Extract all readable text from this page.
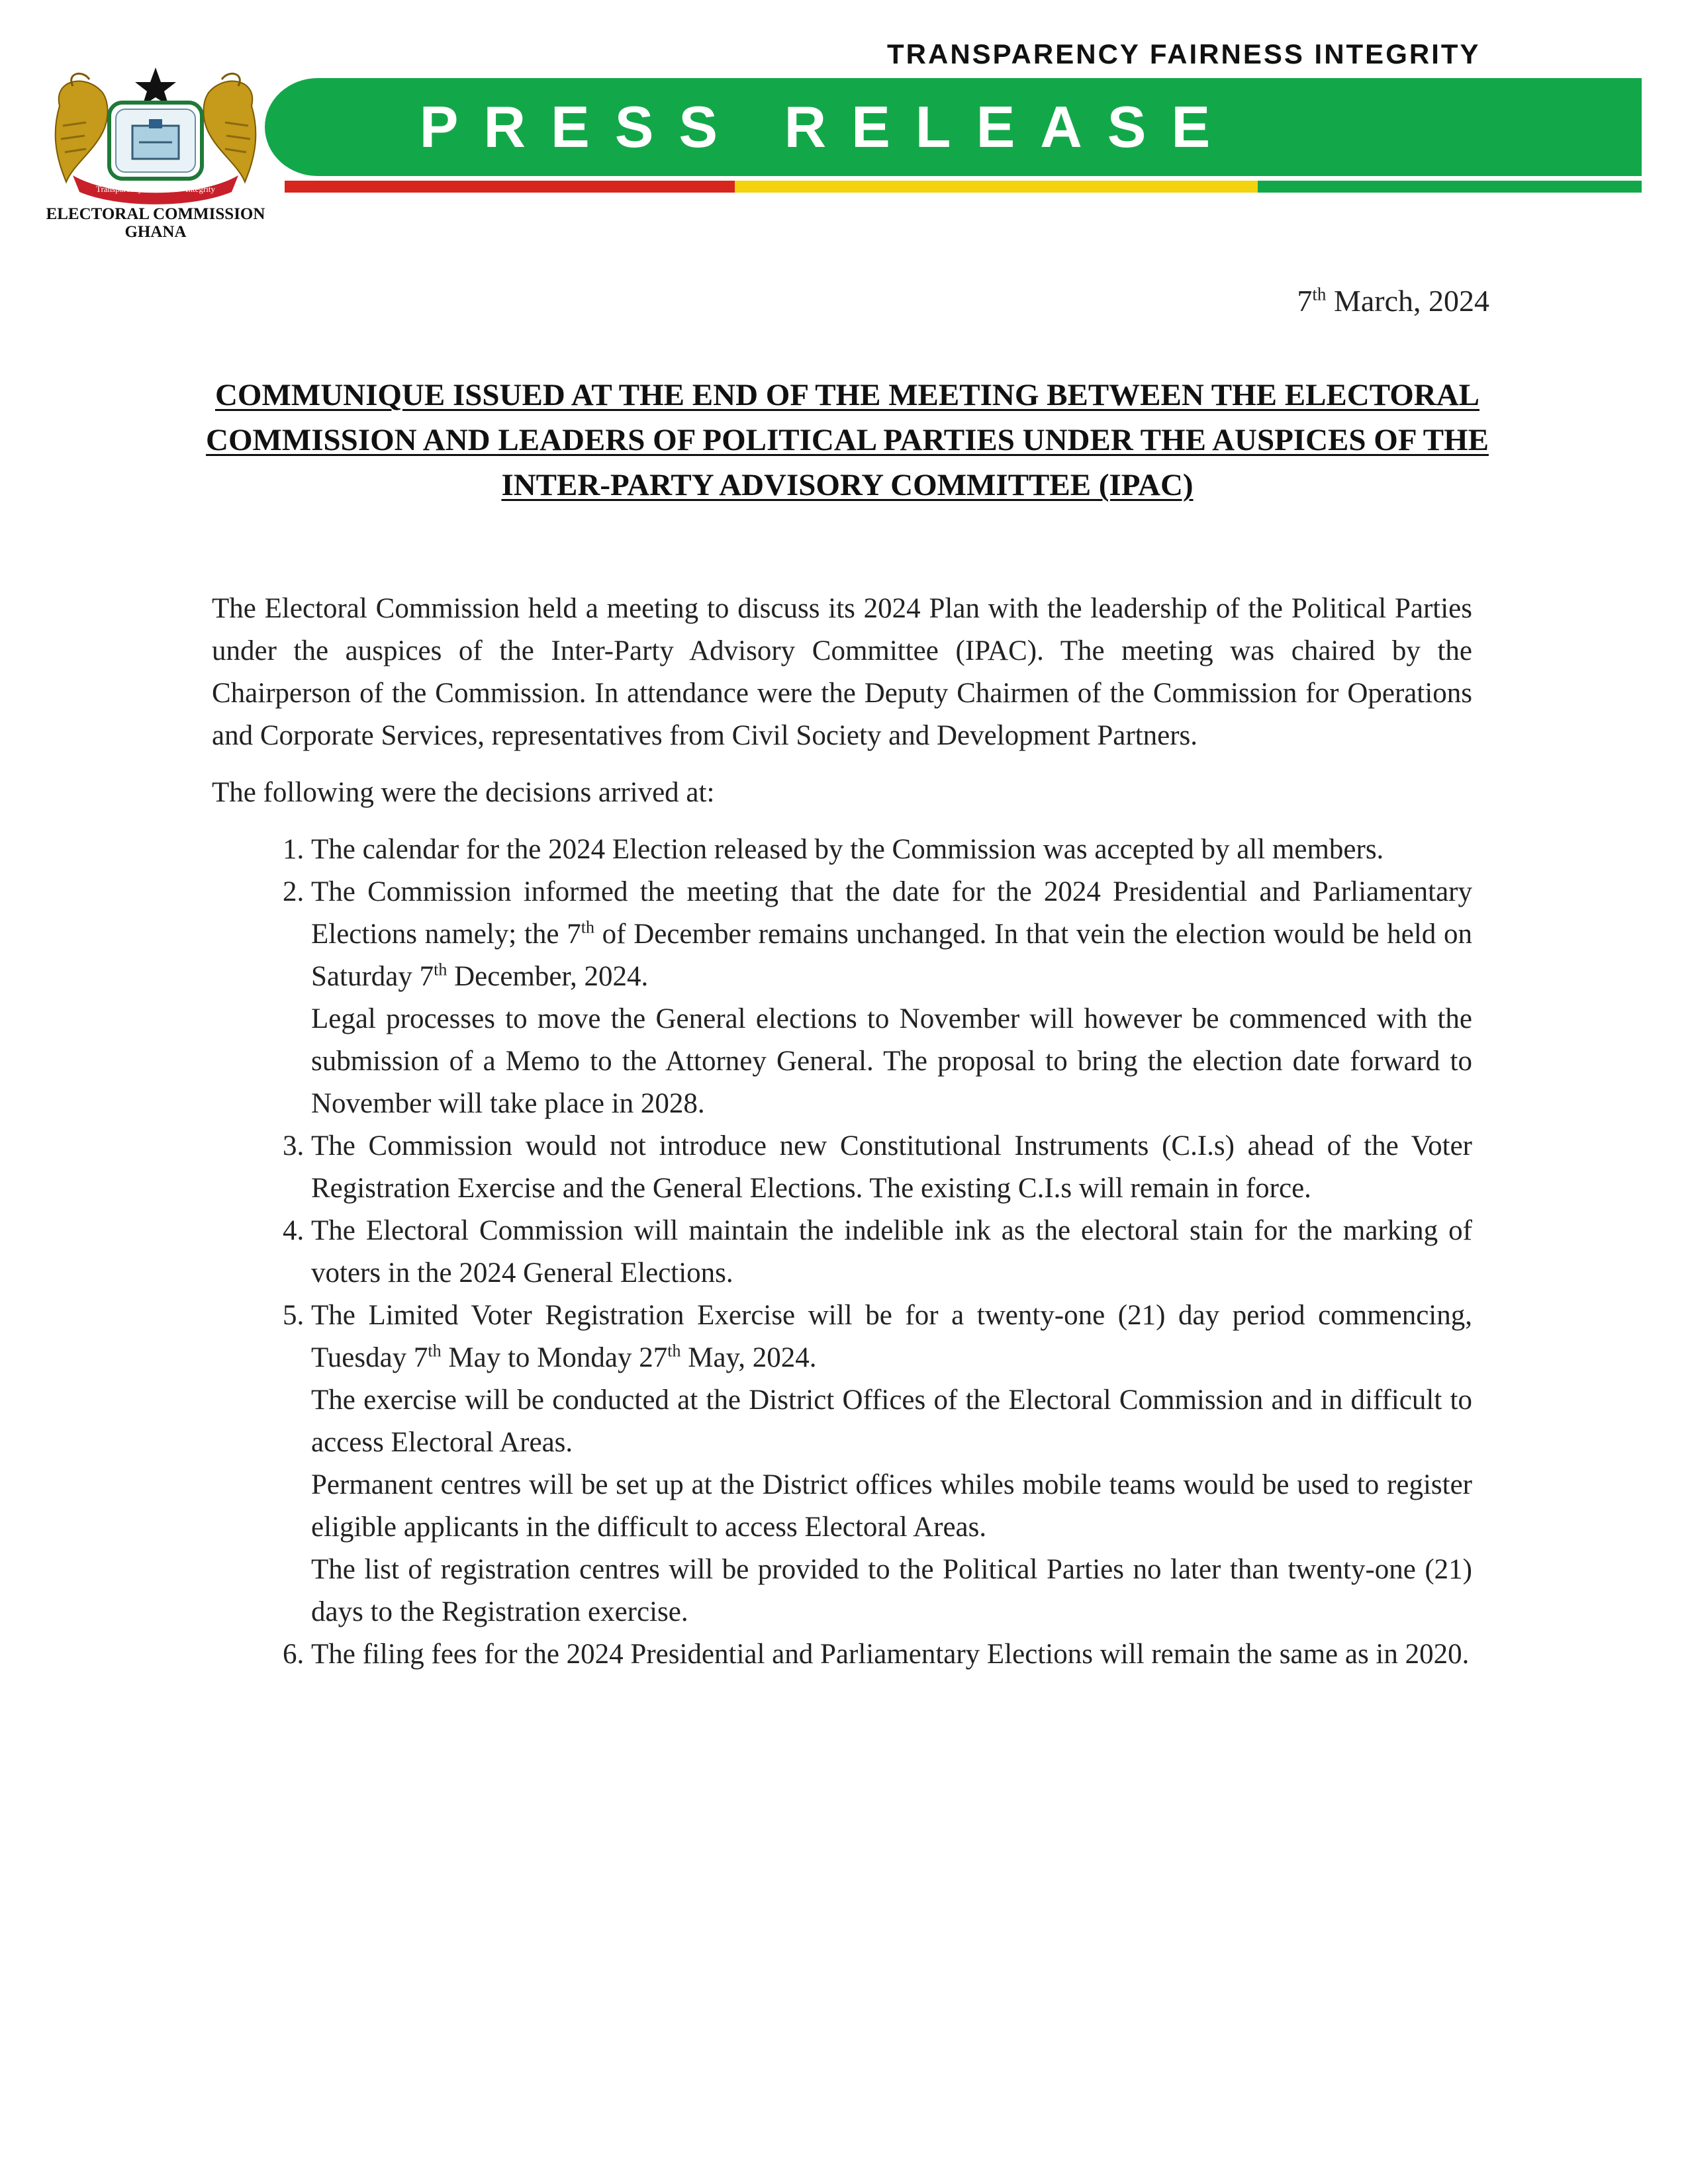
TRANSPARENCY FAIRNESS INTEGRITY
PRESS RELEASE
Transparency · Fairness · Integrity
ELECTORAL COMMISSION
GHANA
7th March, 2024
COMMUNIQUE ISSUED AT THE END OF THE MEETING BETWEEN THE ELECTORAL COMMISSION AND LEADERS OF POLITICAL PARTIES UNDER THE AUSPICES OF THE INTER-PARTY ADVISORY COMMITTEE (IPAC)

The Electoral Commission held a meeting to discuss its 2024 Plan with the leadership of the Political Parties under the auspices of the Inter-Party Advisory Committee (IPAC). The meeting was chaired by the Chairperson of the Commission. In attendance were the Deputy Chairmen of the Commission for Operations and Corporate Services, representatives from Civil Society and Development Partners.

The following were the decisions arrived at:

1. The calendar for the 2024 Election released by the Commission was accepted by all members.

2. The Commission informed the meeting that the date for the 2024 Presidential and Parliamentary Elections namely; the 7th of December remains unchanged. In that vein the election would be held on Saturday 7th December, 2024.

Legal processes to move the General elections to November will however be commenced with the submission of a Memo to the Attorney General. The proposal to bring the election date forward to November will take place in 2028.

3. The Commission would not introduce new Constitutional Instruments (C.I.s) ahead of the Voter Registration Exercise and the General Elections. The existing C.I.s will remain in force.

4. The Electoral Commission will maintain the indelible ink as the electoral stain for the marking of voters in the 2024 General Elections.

5. The Limited Voter Registration Exercise will be for a twenty-one (21) day period commencing, Tuesday 7th May to Monday 27th May, 2024.

The exercise will be conducted at the District Offices of the Electoral Commission and in difficult to access Electoral Areas.

Permanent centres will be set up at the District offices whiles mobile teams would be used to register eligible applicants in the difficult to access Electoral Areas.

The list of registration centres will be provided to the Political Parties no later than twenty-one (21) days to the Registration exercise.

6. The filing fees for the 2024 Presidential and Parliamentary Elections will remain the same as in 2020.
